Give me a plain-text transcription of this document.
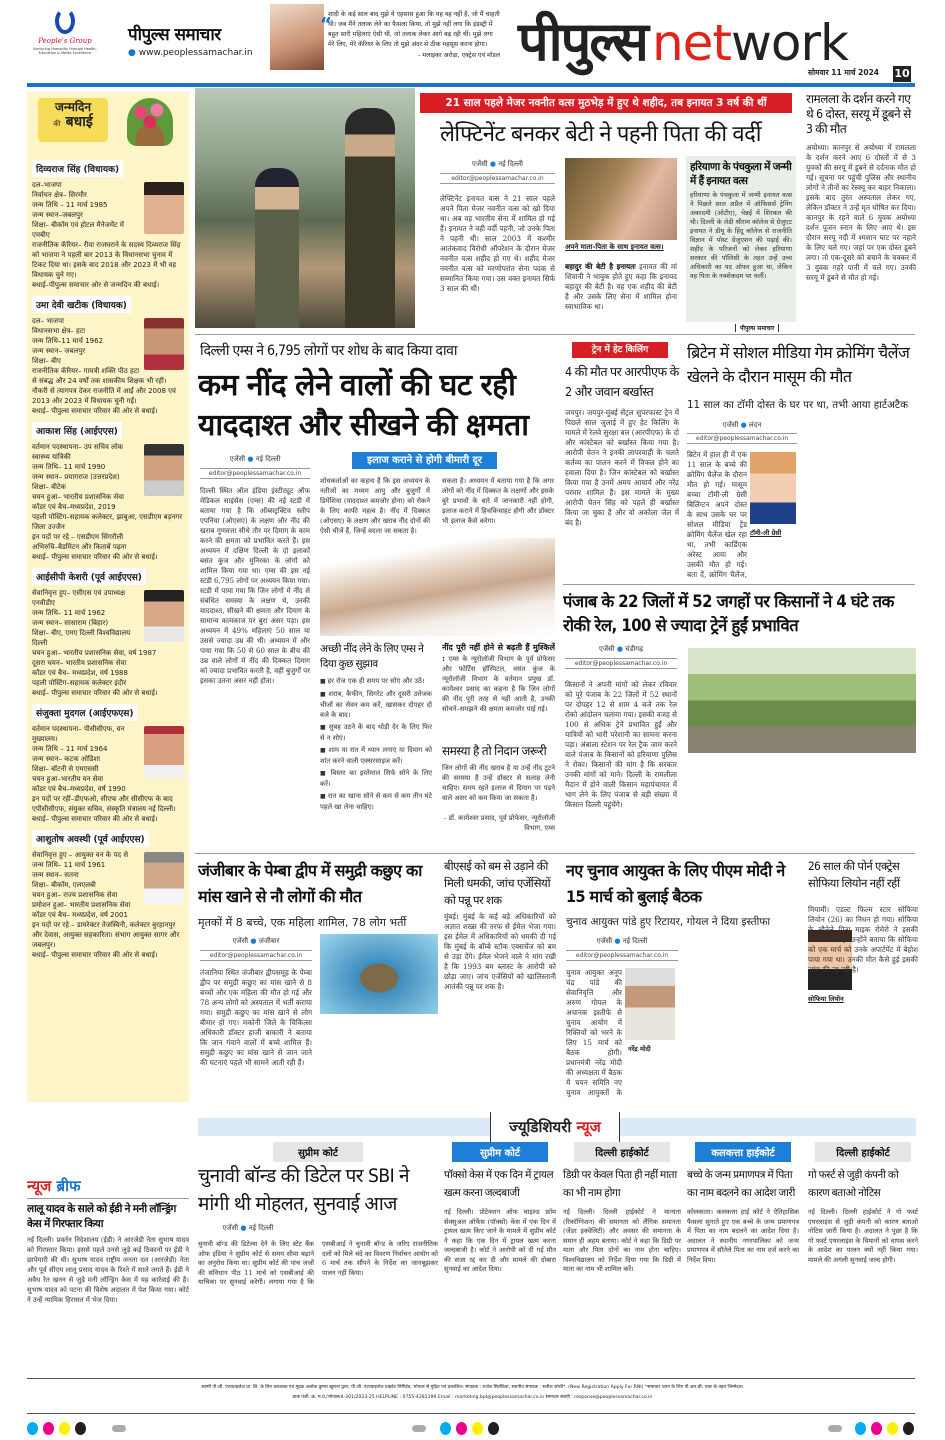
People's Group
Nurturing Humanity through Health, Education & Media Excellence
पीपुल्स समाचार
● www.peoplessamachar.in
“
शादी के कई साल बाद मुझे ये एहसास हुआ कि यह वह नहीं है, जो मैं चाहती थी। जब मैंने तलाक लेने का फैसला किया, तो मुझे नहीं लगा कि इंडस्ट्री में बहुत सारी महिलाएं ऐसी थीं, जो तलाक लेकर आगे बढ़ रही थीं। मुझे लगा मेरे लिए, मेरे कॅरियर के लिए तो मुझे अंदर से ठीक महसूस करना होगा।
- मलाइका अरोड़ा, एक्ट्रेस एवं मॉडल पीपुल्स network
सोमवार 11 मार्च 2024 10
जन्मदिन
की बधाई
दिव्यराज सिंह (विधायक)
दल–भाजपा
निर्वाचन क्षेत्र– सिरमौर
जन्म तिथि – 11 मार्च 1985
जन्म स्थान–जबलपुर
शिक्षा– बीकॉम एवं होटल मैनेजमेंट में एमबीए
राजनीतिक कॅरियर– रीवा राजघराने के सदस्य दिव्यराज सिंह को भाजपा ने पहली बार 2013 के विधानसभा चुनाव में टिकट दिया था। इसके बाद 2018 और 2023 में भी वह विधायक चुने गए।
बधाई–पीपुल्स समाचार ओर से जन्मदिन की बधाई।
उमा देवी खटीक (विधायक)
दल– भाजपा
विधानसभा क्षेत्र– हटा
जन्म तिथि–11 मार्च 1962
जन्म स्थान– जबलपुर
शिक्षा– बीए
राजनीतिक कॅरियर– गायत्री शक्ति पीठ हटा से संबद्ध और 24 वर्षों तक शासकीय शिक्षक भी रहीं। नौकरी से त्यागपत्र देकर राजनीति में आईं और 2008 एवं 2013 और 2023 में विधायक चुनी गईं।
बधाई– पीपुल्स समाचार परिवार की ओर से बधाई।
आकाश सिंह (आईएएस)
वर्तमान पदस्थापना– उप सचिव लोक स्वास्थ्य यांत्रिकी
जन्म तिथि– 11 मार्च 1990
जन्म स्थान– प्रयागराज (उत्तरप्रदेश)
शिक्षा– बीटेक
चयन हुआ– भारतीय प्रशासनिक सेवा
कॉडर एवं बैच–मध्यप्रदेश, 2019
पहली पोस्टिंग–सहायक कलेक्टर, झाबुआ, एसडीएम बड़नगर जिला उज्जैन
इन पदों पर रहे – एसडीएम सिंगरौली
अभिरुचि–बैडमिंटन और किताबें पढ़ना
बधाई– पीपुल्स समाचार परिवार की ओर से बधाई।
आईसीपी केशरी (पूर्व आईएएस)
सेवानिवृत्त हुए– एसीएस एवं उपाध्यक्ष एनवीडीए
जन्म तिथि– 11 मार्च 1962
जन्म स्थान– सासाराम (बिहार)
शिक्षा– बीए, एमए दिल्ली विश्वविद्यालय दिल्ली
चयन हुआ– भारतीय प्रशासनिक सेवा, वर्ष 1987
दूसरा चयन– भारतीय प्रशासनिक सेवा
कॉडर एवं बैच– मध्यप्रदेश, वर्ष 1988
पहली पोस्टिंग–सहायक कलेक्टर इंदौर
बधाई– पीपुल्स समाचार परिवार की ओर से बधाई।
संजुक्ता मुदगल (आईएफएस)
वर्तमान पदस्थापना– पीसीसीएफ, वन मुख्यालय।
जन्म तिथि – 11 मार्च 1964
जन्म स्थान– कटक ओडिशा
शिक्षा– बॉटनी से एमएससी
चयन हुआ–भारतीय वन सेवा
कॉडर एवं बैच–मध्यप्रदेश, वर्ष 1990
इन पदों पर रहीं–डीएफओ, सीएफ और सीसीएफ के बाद एपीसीसीएफ, संयुक्त सचिव, संस्कृति मंत्रालय नई दिल्ली।
बधाई– पीपुल्स समाचार परिवार की ओर से बधाई।
आशुतोष अवस्थी (पूर्व आईएएस)
सेवानिवृत्त हुए – आयुक्त वन के पद से
जन्म तिथि– 11 मार्च 1961
जन्म स्थान– सतना
शिक्षा– बीकॉम, एलएलबी
चयन हुआ– राज्य प्रशासनिक सेवा
प्रमोशन हुआ– भारतीय प्रशासनिक सेवा
कॉडर एवं बैच– मध्यप्रदेश, वर्ष 2001
इन पदों पर रहे – डायरेक्टर तेजस्विनी, कलेक्टर बुरहानपुर और देवास, आयुक्त सहकारिता। संभाग आयुक्त सागर और जबलपुर।
बधाई– पीपुल्स समाचार परिवार की ओर से बधाई।
न्यूज ब्रीफ
लालू यादव के साले को ईडी ने मनी लॉन्ड्रिंग केस में गिरफ्तार किया
नई दिल्ली। प्रवर्तन निदेशालय (ईडी) ने आरजेडी नेता सुभाष यादव को गिरफ्तार किया। इससे पहले उनसे जुड़े कई ठिकानों पर ईडी ने छापेमारी की थी। सुभाष यादव राष्ट्रीय जनता दल (आरजेडी) नेता और पूर्व सीएम लालू प्रसाद यादव के रिश्ते में साले लगते हैं। ईडी ने अवैध रेत खनन से जुड़े मनी लॉन्ड्रिंग केस में यह कार्रवाई की है। सुभाष यादव को पटना की विशेष अदालत में पेश किया गया। कोर्ट ने उन्हें न्यायिक हिरासत में भेज दिया।
21 साल पहले मेजर नवनीत वत्स मुठभेड़ में हुए थे शहीद, तब इनायत 3 वर्ष की थीं
लेफ्टिनेंट बनकर बेटी ने पहनी पिता की वर्दी
एजेंसी ● नई दिल्ली
editor@peoplessamachar.co.in
लेफ्टिनेंट इनायत वत्स ने 21 साल पहले अपने पिता मेजर नवनीत वत्स को खो दिया था। अब वह भारतीय सेना में शामिल हो गई हैं। इनायत ने वही वर्दी पहनी, जो उनके पिता ने पहनी थी। साल 2003 में कश्मीर आतंकवाद विरोधी ऑपरेशन के दौरान मेजर नवनीत वत्स शहीद हो गए थे। शहीद मेजर नवनीत वत्स को मरणोपरांत सेना पदक से सम्मानित किया गया। उस वक्त इनायत सिर्फ 3 साल की थीं।
अपने माता-पिता के साथ इनायत वत्स।
बहादुर की बेटी है इनायतः इनायत की मां शिवानी ने भावुक होते हुए कहा कि इनायद बहादुर की बेटी है। वह एक शहीद की बेटी है और उसके लिए सेना में शामिल होना स्वाभाविक था।
हरियाणा के पंचकुला में जन्मी में हैं इनायत वत्स
हरियाणा के पंचकुला में जन्मी इनायत वत्स ने पिछले साल अप्रैल में ऑफिसर्स ट्रेनिंग अकादमी (ओटीए), चेन्नई में शिरकत की थी। दिल्ली के लेडी श्रीराम कॉलेज से ग्रेजुएट इनायत ने डीयू के हिंदू कॉलेज से राजनीति विज्ञान में पोस्ट ग्रेजुएशन की पढ़ाई की। शहीद के परिजनों को लेकर हरियाणा सरकार की पॉलिसी के तहत उन्हें उच्च अधिकारी का पद ऑफर हुआ था, लेकिन वह पिता के नक्शेकदम पर चलीं।
पीपुल्स समाचार
रामलला के दर्शन करने गए थे 6 दोस्त, सरयू में डूबने से 3 की मौत
अयोध्या। कानपुर से अयोध्या में रामलला के दर्शन करने आए 6 दोस्तों में से 3 युवकों की सरयू में डूबने से दर्दनाक मौत हो गई। सूचना पर पहुंची पुलिस और स्थानीय लोगों ने तीनों का रेस्क्यू कर बाहर निकाला। इसके बाद तुरंत अस्पताल लेकर गए, लेकिन डॉक्टर ने उन्हें मृत घोषित कर दिया। कानपुर के रहने वाले 6 युवक अयोध्या दर्शन पूजन स्नान के लिए आए थे। इस दौरान सरयू नदी में श्मशान घाट पर नहाने के लिए चले गए। जहां पर एक दोस्त डूबने लगा। तो एक-दूसरे को बचाने के चक्कर में 3 युवक गहरे पानी में चले गए। उनकी सरयू में डूबने से मौत हो गई।
दिल्ली एम्स ने 6,795 लोगों पर शोध के बाद किया दावा
कम नींद लेने वालों की घट रही याददाश्त और सीखने की क्षमता
एजेंसी ● नई दिल्ली
editor@peoplessamachar.co.in
इलाज कराने से होगी बीमारी दूर
दिल्ली स्थित ऑल इंडिया इंस्टीट्यूट ऑफ मेडिकल साइंसेस (एम्स) की नई स्टडी में बताया गया है कि ऑब्सट्रक्टिव स्लीप एपनिया (ओएसए) के लक्षण और नींद की खराब गुणवत्ता सीधे तौर पर दिमाग के काम करने की क्षमता को प्रभावित करते हैं। इस अध्ययन में दक्षिण दिल्ली के दो इलाकों बसंत कुंज और मुनिरका के लोगों को शामिल किया गया था। एम्स की इस नई स्टडी 6,795 लोगों पर अध्ययन किया गया। स्टडी में पाया गया कि जिन लोगों में नींद से संबंधित समस्या के लक्षण थे, उनकी याददाश्त, सीखने की क्षमता और दिमाग के सामान्य कामकाज पर बुरा असर पड़ा। इस अध्ययन में 49% महिलाएं 50 साल या उससे ज्यादा उम्र की थीं। अध्ययन में और पाया गया कि 50 से 60 साल के बीच की उम्र वाले लोगों में नींद की दिक्कत दिमाग को ज्यादा प्रभावित करती है, वहीं बुजुर्गों पर इसका उतना असर नहीं होता।
शोधकर्ताओं का कहना है कि इस अध्ययन के नतीजों का मध्यम आयु और बुजुर्गों में डिमेंशिया (याददाश्त कमजोर होना) को रोकने के लिए काफी महत्व है। नींद में दिक्कत (ओएसए) के लक्षण और खराब नींद दोनों की ऐसी चीजें हैं, जिन्हें बदला जा सकता है।
सकता है। अध्ययन में बताया गया है कि अगर लोगों को नींद में दिक्कत के लक्षणों और इसके बुरे प्रभावों के बारे में जानकारी नहीं होगी, इलाज कराने में हिचकिचाहट होगी और डॉक्टर भी इलाज कैसे करेगा।
अच्छी नींद लेने के लिए एम्स ने दिया कुछ सुझाव
■ हर रोज एक ही समय पर सोएं और उठें।
■ शराब, कैफीन, सिगरेट और दूसरी उत्तेजक चीजों का सेवन कम करें, खासकर दोपहर दो बजे के बाद।
■ सुबह उठने के बाद थोड़ी देर के लिए फिर से न सोएं।
■ शाम या रात में ध्यान लगाएं या दिमाग को शांत करने वाली एक्सरसाइज करें।
■ बिस्तर का इस्तेमाल सिर्फ सोने के लिए करें।
■ रात का खाना सोने से कम से कम तीन घंटे पहले खा लेना चाहिए।
नींद पूरी नहीं होने से बढ़ती हैं मुश्किलें : एम्स के न्यूरोलॉजी विभाग के पूर्व प्रोफेसर और फोर्टिस हॉस्पिटल, वसंत कुंज के न्यूरोलॉजी विभाग के वर्तमान प्रमुख डॉ. कामेश्वर प्रसाद का कहना है कि जिन लोगों की नींद पूरी तरह से नहीं आती है, उनकी सोचने–समझने की क्षमता कमजोर पाई गई।
समस्या है तो निदान जरूरी
जिन लोगों की नींद खराब है या उन्हें नींद टूटने की समस्या है उन्हें डॉक्टर से सलाह लेनी चाहिए। समय रहते इलाज से दिमाग पर पड़ने वाले असर को कम किया जा सकता है।
- डॉ. कामेश्वर प्रसाद, पूर्व प्रोफेसर, न्यूरोलॉजी विभाग, एम्स
ट्रेन में हेट किलिंग
4 की मौत पर आरपीएफ के 2 और जवान बर्खास्त
जयपुर। जयपुर-मुंबई सेंट्रल सुपरफास्ट ट्रेन में पिछले साल जुलाई में हुए हेट किलिंग के मामले में रेलवे सुरक्षा बल (आरपीएफ) के दो और कांस्टेबल को बर्खास्त किया गया है। आरोपी चेतन ने इनकी लापरवाही के चलते कर्तव्य का पालन करने में विफल होने का हवाला दिया है। जिन कांस्टेबल को बर्खास्त किया गया है उनमें अमय आचार्य और नरेंद्र परमार शामिल हैं। इस मामले के मुख्य आरोपी चेतन सिंह को पहले ही बर्खास्त किया जा चुका है और वो अकोला जेल में बंद है।
ब्रिटेन में सोशल मीडिया गेम क्रोमिंग चैलेंज खेलने के दौरान मासूम की मौत
11 साल का टॉमी दोस्त के घर पर था, तभी आया हार्टअटैक
एजेंसी ● लंदन
editor@peoplessamachar.co.in
ब्रिटेन में हाल ही में एक 11 साल के बच्चे की क्रोमिंग चैलेंज के दौरान मौत हो गई। मासूम बच्चा टॉमी-ली ग्रेसी बिलिंग्टन अपने दोस्त के साथ उसके घर पर सोशल मीडिया ट्रेंड क्रोमिंग चैलेंज खेल रहा था, तभी कार्डिएक अरेस्ट आया और उसकी मौत हो गई। बता दें, क्रोमिंग चैलेंज,
टॉमी-ली ग्रेसी
पंजाब के 22 जिलों में 52 जगहों पर किसानों ने 4 घंटे तक रोकी रेल, 100 से ज्यादा ट्रेनें हुईं प्रभावित
एजेंसी ● चंडीगढ़
editor@peoplessamachar.co.in
किसानों ने अपनी मांगों को लेकर रविवार को पूरे पंजाब के 22 जिलों में 52 स्थानों पर दोपहर 12 से शाम 4 बजे तक रेल रोको आंदोलन चलाया गया। इसकी वजह से 100 से अधिक ट्रेनें प्रभावित हुईं और यात्रियों को भारी परेशानी का सामना करना पड़ा। अंबाला स्टेशन पर रेल ट्रैक जाम करने वाले पंजाब के किसानों को हरियाणा पुलिस ने रोका। किसानों की मांग है कि सरकार उनकी मांगों को माने। दिल्ली के रामलीला मैदान में होने वाली किसान महापंचायत में भाग लेने के लिए पंजाब से बड़ी संख्या में किसान दिल्ली पहुंचेंगे।
जंजीबार के पेम्बा द्वीप में समुद्री कछुए का मांस खाने से नौ लोगों की मौत
मृतकों में 8 बच्चे, एक महिला शामिल, 78 लोग भर्ती
एजेंसी ● जंजीबार
editor@peoplessamachar.co.in
तंजानिया स्थित जंजीबार द्वीपसमूह के पेम्बा द्वीप पर समुद्री कछुए का मांस खाने से 8 बच्चों और एक महिला की मौत हो गई और 78 अन्य लोगों को अस्पताल में भर्ती कराया गया। समुद्री कछुए का मांस खाने से लोग बीमार हो गए। मकोनी जिले के चिकित्सा अधिकारी डॉक्टर हाजी बाकारी ने बताया कि जान गंवाने वालों में बच्चे शामिल हैं। समुद्री कछुए का मांस खाने से जान जाने की घटनाएं पहले भी सामने आती रही हैं।
बीएसई को बम से उड़ाने की मिली धमकी, जांच एजेंसियों को पन्नू पर शक
मुंबई। मुंबई के कई बड़े अधिकारियों को अज्ञात शख्स की तरफ से ईमेल भेजा गया। इस ईमेल में अधिकारियों को धमकी दी गई कि मुंबई के बॉम्बे स्टॉक एक्सचेंज को बम से उड़ा देंगे। ईमेल भेजने वाले ने मांग रखी है कि 1993 बम ब्लास्ट के आरोपी को छोड़ा जाए। जांच एजेंसियों को खालिस्तानी आतंकी पन्नू पर शक है।
नए चुनाव आयुक्त के लिए पीएम मोदी ने 15 मार्च को बुलाई बैठक
चुनाव आयुक्त पांडे हुए रिटायर, गोयल ने दिया इस्तीफा
एजेंसी ● नई दिल्ली
editor@peoplessamachar.co.in
नरेंद्र मोदी
चुनाव आयुक्त अनूप चंद्र पांडे की सेवानिवृत्ति और अरुण गोयल के अचानक इस्तीफे से चुनाव आयोग में रिक्तियों को भरने के लिए 15 मार्च को बैठक होगी। प्रधानमंत्री नरेंद्र मोदी की अध्यक्षता में बैठक में चयन समिति नए चुनाव आयुक्तों के
26 साल की पोर्न एक्ट्रेस सोफिया लियोन नहीं रहीं
सोफिया लियोन
मियामी। एडल्ट फिल्म स्टार सोफिया लियोन (26) का निधन हो गया। सोफिया के सौतेले पिता माइक रोमेरो ने इसकी जानकारी दी है। उन्होंने बताया कि सोफिया को एक मार्च को उनके अपार्टमेंट में बेहोश पाया गया था। उनकी मौत कैसे हुई इसकी जांच की जा रही है।
ज्यूडिशियरी न्यूज
सुप्रीम कोर्ट
चुनावी बॉन्ड की डिटेल पर SBI ने मांगी थी मोहलत, सुनवाई आज
एजेंसी ● नई दिल्ली
चुनावी बॉन्ड की डिटेल्स देने के लिए स्टेट बैंक ऑफ इंडिया ने सुप्रीम कोर्ट से समय सीमा बढ़ाने का अनुरोध किया था। सुप्रीम कोर्ट की पांच जजों की संविधान पीठ 11 मार्च को एसबीआई की याचिका पर सुनवाई करेगी। लगाया गया है कि एसबीआई ने चुनावी बॉन्ड के जरिए राजनीतिक दलों को मिले चंदे का विवरण निर्वाचन आयोग को 6 मार्च तक सौंपने के निर्देश का जानबूझकर पालन नहीं किया।
सुप्रीम कोर्ट
पॉक्सो केस में एक दिन में ट्रायल खत्म करना जल्दबाजी
नई दिल्ली। प्रोटेक्शन ऑफ चाइल्ड फ्रॉम सेक्सुअल ऑफेंस (पॉक्सो) केस में एक दिन में ट्रायल खत्म किए जाने के मामले में सुप्रीम कोर्ट ने कहा कि एक दिन में ट्रायल खत्म करना जल्दबाजी है। कोर्ट ने आरोपी को दी गई मौत की सजा रद्द कर दी और मामले की दोबारा सुनवाई का आदेश दिया।
दिल्ली हाईकोर्ट
डिग्री पर केवल पिता ही नहीं माता का भी नाम होगा
नई दिल्ली। दिल्ली हाईकोर्ट ने मान्यता (रिकॉग्निशन) की समानता को लैंगिक समानता (जेंडर इक्वेलिटी) और अवसर की समानता के समान ही अहम बताया। कोर्ट ने कहा कि डिग्री पर माता और पिता दोनों का नाम होना चाहिए। विश्वविद्यालय को निर्देश दिया गया कि डिग्री में माता का नाम भी शामिल करें।
कलकत्ता हाईकोर्ट
बच्चे के जन्म प्रमाणपत्र में पिता का नाम बदलने का आदेश जारी
कोलकाता। कलकत्ता हाई कोर्ट ने ऐतिहासिक फैसला सुनाते हुए एक बच्चे के जन्म प्रमाणपत्र में पिता का नाम बदलने का आदेश दिया है। अदालत ने स्थानीय नगरपालिका को जन्म प्रमाणपत्र में सौतेले पिता का नाम दर्ज करने का निर्देश दिया।
दिल्ली हाईकोर्ट
गो फर्स्ट से जुड़ी कंपनी को कारण बताओ नोटिस
नई दिल्ली। दिल्ली हाईकोर्ट ने गो फर्स्ट एयरलाइंस से जुड़ी कंपनी को कारण बताओ नोटिस जारी किया है। अदालत ने पूछा है कि गो फर्स्ट एयरलाइंस के विमानों को वापस करने के आदेश का पालन क्यों नहीं किया गया। मामले की अगली सुनवाई जल्द होगी।
स्वामी पी.जी. एंटरप्राइजेज प्रा. लि. के लिए प्रकाशक एवं मुद्रक अशोक कुमार खुराना द्वारा, पी.जी. एंटरप्राइजेज प्राइवेट लिमिटेड, भोपाल से मुद्रित एवं प्रकाशित। संपादक : राजेश सिरोठिया, स्थानीय संपादक : सतीश जोशी*. (New Registration Apply For RNI) *समाचार चयन के लिए पी.आर.बी. एक्ट के तहत जिम्मेदार।
डाक पंजी. क्र. म.प्र./भोपाल/4-301/2023-25 HELPLINE : 0755-4281199 Email : marketing.bpl@peoplessamachar.co.in समाचार संबंधी : response@peoplessamachar.co.in
